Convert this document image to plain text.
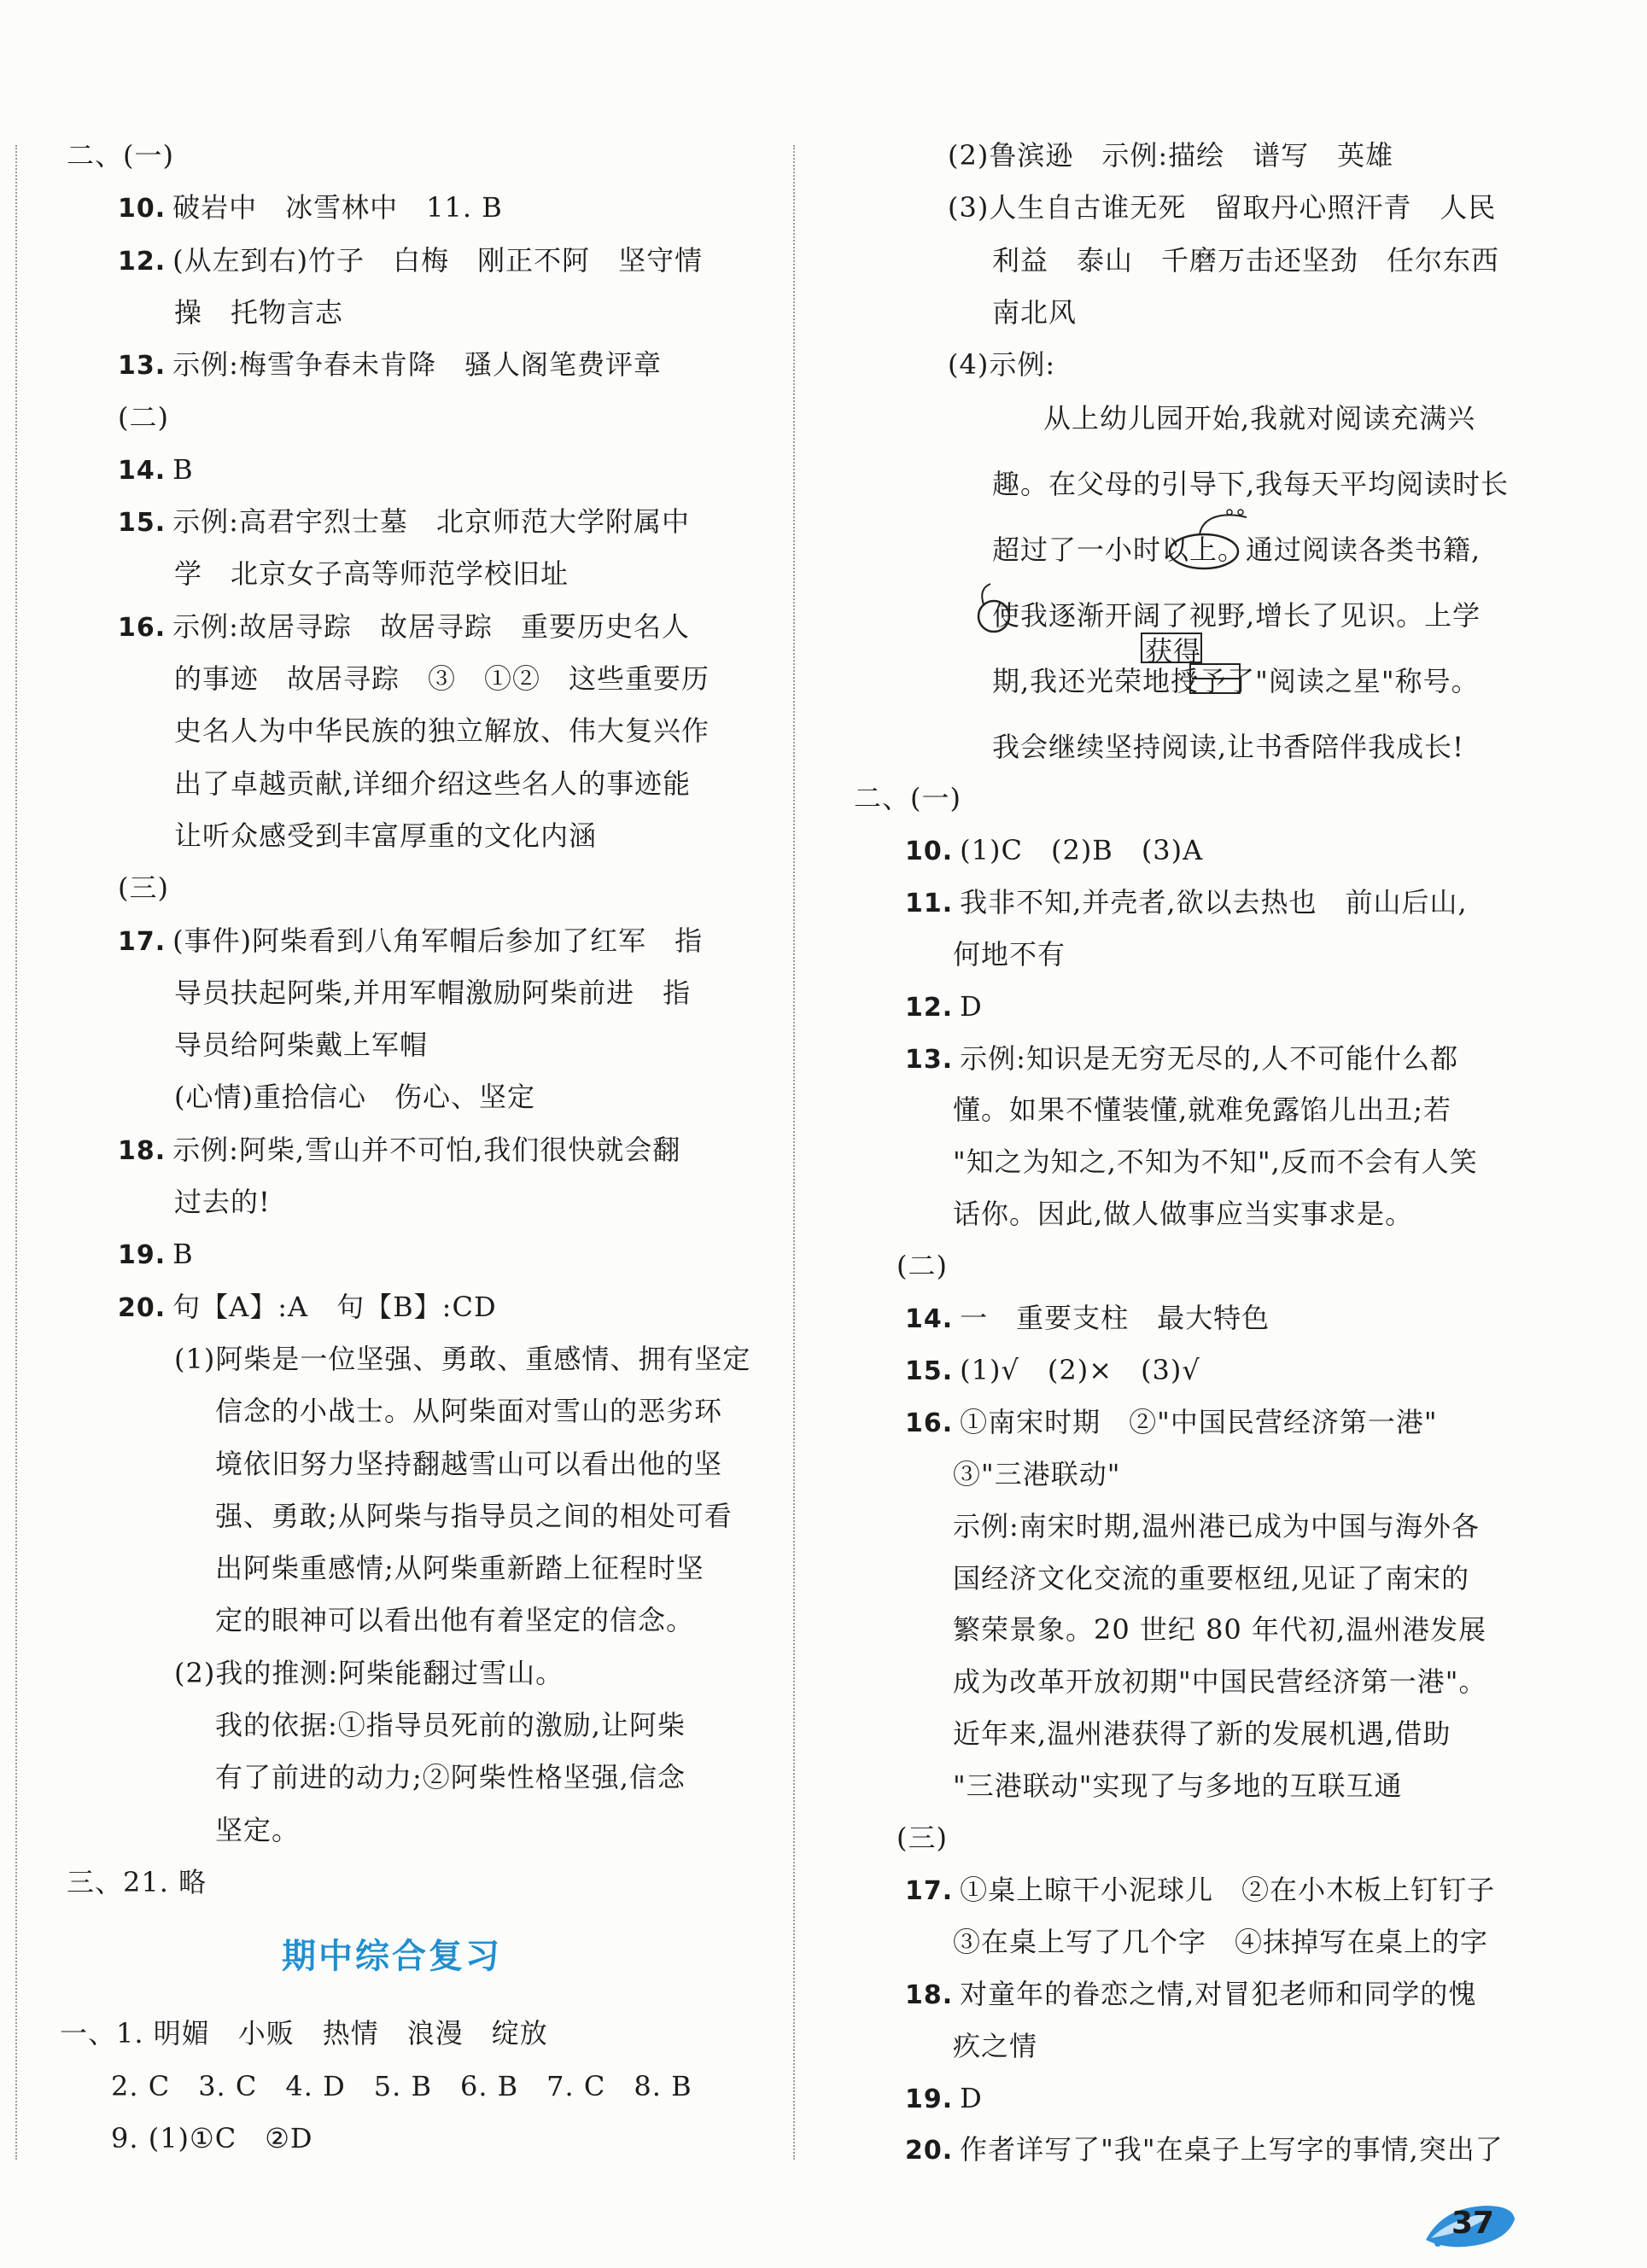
二、(一)
10. 破岩中　冰雪林中　11. B
12. (从左到右)竹子　白梅　刚正不阿　坚守情
操　托物言志
13. 示例:梅雪争春未肯降　骚人阁笔费评章
(二)
14. B
15. 示例:高君宇烈士墓　北京师范大学附属中
学　北京女子高等师范学校旧址
16. 示例:故居寻踪　故居寻踪　重要历史名人
的事迹　故居寻踪　③　①②　这些重要历
史名人为中华民族的独立解放、伟大复兴作
出了卓越贡献,详细介绍这些名人的事迹能
让听众感受到丰富厚重的文化内涵
(三)
17. (事件)阿柴看到八角军帽后参加了红军　指
导员扶起阿柴,并用军帽激励阿柴前进　指
导员给阿柴戴上军帽
(心情)重拾信心　伤心、坚定
18. 示例:阿柴,雪山并不可怕,我们很快就会翻
过去的!
19. B
20. 句【A】:A　句【B】:CD
(1)阿柴是一位坚强、勇敢、重感情、拥有坚定
信念的小战士。从阿柴面对雪山的恶劣环
境依旧努力坚持翻越雪山可以看出他的坚
强、勇敢;从阿柴与指导员之间的相处可看
出阿柴重感情;从阿柴重新踏上征程时坚
定的眼神可以看出他有着坚定的信念。
(2)我的推测:阿柴能翻过雪山。
我的依据:①指导员死前的激励,让阿柴
有了前进的动力;②阿柴性格坚强,信念
坚定。
三、21. 略
期中综合复习
一、1. 明媚　小贩　热情　浪漫　绽放
2. C　3. C　4. D　5. B　6. B　7. C　8. B
9. (1)①C　②D
(2)鲁滨逊　示例:描绘　谱写　英雄
(3)人生自古谁无死　留取丹心照汗青　人民
利益　泰山　千磨万击还坚劲　任尔东西
南北风
(4)示例:
从上幼儿园开始,我就对阅读充满兴
趣。在父母的引导下,我每天平均阅读时长
超过了一小时以上。通过阅读各类书籍,
使我逐渐开阔了视野,增长了见识。上学
期,我还光荣地授予了"阅读之星"称号。
我会继续坚持阅读,让书香陪伴我成长!
二、(一)
10. (1)C　(2)B　(3)A
11. 我非不知,并壳者,欲以去热也　前山后山,
何地不有
12. D
13. 示例:知识是无穷无尽的,人不可能什么都
懂。如果不懂装懂,就难免露馅儿出丑;若
"知之为知之,不知为不知",反而不会有人笑
话你。因此,做人做事应当实事求是。
(二)
14. 一　重要支柱　最大特色
15. (1)√　(2)×　(3)√
16. ①南宋时期　②"中国民营经济第一港"
③"三港联动"
示例:南宋时期,温州港已成为中国与海外各
国经济文化交流的重要枢纽,见证了南宋的
繁荣景象。20 世纪 80 年代初,温州港发展
成为改革开放初期"中国民营经济第一港"。
近年来,温州港获得了新的发展机遇,借助
"三港联动"实现了与多地的互联互通
(三)
17. ①桌上晾干小泥球儿　②在小木板上钉钉子
③在桌上写了几个字　④抹掉写在桌上的字
18. 对童年的眷恋之情,对冒犯老师和同学的愧
疚之情
19. D
20. 作者详写了"我"在桌子上写字的事情,突出了
获得
37
